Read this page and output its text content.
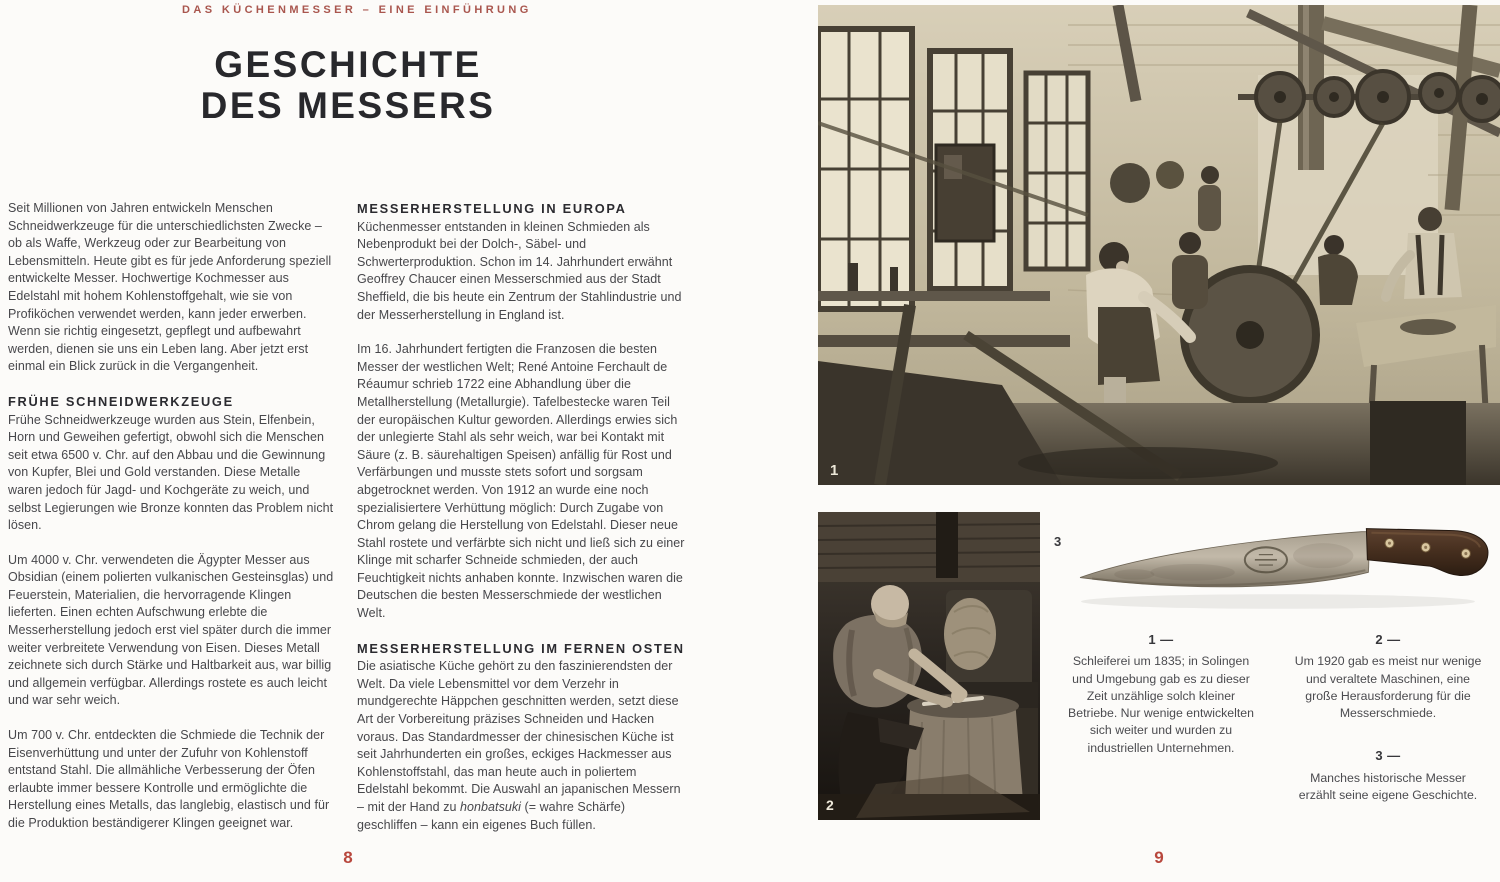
DAS KÜCHENMESSER – EINE EINFÜHRUNG
GESCHICHTE
DES MESSERS

Seit Millionen von Jahren entwickeln Menschen Schneidwerkzeuge für die unterschiedlichsten Zwecke – ob als Waffe, Werkzeug oder zur Bearbeitung von Lebensmitteln. Heute gibt es für jede Anforderung speziell entwickelte Messer. Hochwertige Kochmesser aus Edelstahl mit hohem Kohlenstoffgehalt, wie sie von Profiköchen verwendet werden, kann jeder erwerben. Wenn sie richtig eingesetzt, gepflegt und aufbewahrt werden, dienen sie uns ein Leben lang. Aber jetzt erst einmal ein Blick zurück in die Vergangenheit.

FRÜHE SCHNEIDWERKZEUGE

Frühe Schneidwerkzeuge wurden aus Stein, Elfenbein, Horn und Geweihen gefertigt, obwohl sich die Menschen seit etwa 6500 v. Chr. auf den Abbau und die Gewinnung von Kupfer, Blei und Gold verstanden. Diese Metalle waren jedoch für Jagd- und Kochgeräte zu weich, und selbst Legierungen wie Bronze konnten das Problem nicht lösen.

Um 4000 v. Chr. verwendeten die Ägypter Messer aus Obsidian (einem polierten vulkanischen Gesteinsglas) und Feuerstein, Materialien, die hervorragende Klingen lieferten. Einen echten Aufschwung erlebte die Messerherstellung jedoch erst viel später durch die immer weiter verbreitete Verwendung von Eisen. Dieses Metall zeichnete sich durch Stärke und Haltbarkeit aus, war billig und allgemein verfügbar. Allerdings rostete es auch leicht und war sehr weich.

Um 700 v. Chr. entdeckten die Schmiede die Technik der Eisenverhüttung und unter der Zufuhr von Kohlenstoff entstand Stahl. Die allmähliche Verbesserung der Öfen erlaubte immer bessere Kontrolle und ermöglichte die Herstellung eines Metalls, das langlebig, elastisch und für die Produktion beständigerer Klingen geeignet war.

MESSERHERSTELLUNG IN EUROPA

Küchenmesser entstanden in kleinen Schmieden als Nebenprodukt bei der Dolch-, Säbel- und Schwerterproduktion. Schon im 14. Jahrhundert erwähnt Geoffrey Chaucer einen Messerschmied aus der Stadt Sheffield, die bis heute ein Zentrum der Stahlindustrie und der Messerherstellung in England ist.

Im 16. Jahrhundert fertigten die Franzosen die besten Messer der westlichen Welt; René Antoine Ferchault de Réaumur schrieb 1722 eine Abhandlung über die Metallherstellung (Metallurgie). Tafelbestecke waren Teil der europäischen Kultur geworden. Allerdings erwies sich der unlegierte Stahl als sehr weich, war bei Kontakt mit Säure (z. B. säurehaltigen Speisen) anfällig für Rost und Verfärbungen und musste stets sofort und sorgsam abgetrocknet werden. Von 1912 an wurde eine noch spezialisiertere Verhüttung möglich: Durch Zugabe von Chrom gelang die Herstellung von Edelstahl. Dieser neue Stahl rostete und verfärbte sich nicht und ließ sich zu einer Klinge mit scharfer Schneide schmieden, der auch Feuchtigkeit nichts anhaben konnte. Inzwischen waren die Deutschen die besten Messerschmiede der westlichen Welt.

MESSERHERSTELLUNG IM FERNEN OSTEN

Die asiatische Küche gehört zu den faszinierendsten der Welt. Da viele Lebensmittel vor dem Verzehr in mundgerechte Häppchen geschnitten werden, setzt diese Art der Vorbereitung präzises Schneiden und Hacken voraus. Das Standardmesser der chinesischen Küche ist seit Jahrhunderten ein großes, eckiges Hackmesser aus Kohlenstoffstahl, das man heute auch in poliertem Edelstahl bekommt. Die Auswahl an japanischen Messern – mit der Hand zu honbatsuki (= wahre Schärfe) geschliffen – kann ein eigenes Buch füllen.

8
1
2
3
1 —
Schleiferei um 1835; in Solingen und Umgebung gab es zu dieser Zeit unzählige solch kleiner Betriebe. Nur wenige entwickelten sich weiter und wurden zu industriellen Unternehmen.
2 —
Um 1920 gab es meist nur wenige und veraltete Maschinen, eine große Herausforderung für die Messerschmiede.
3 —
Manches historische Messer erzählt seine eigene Geschichte.
9
